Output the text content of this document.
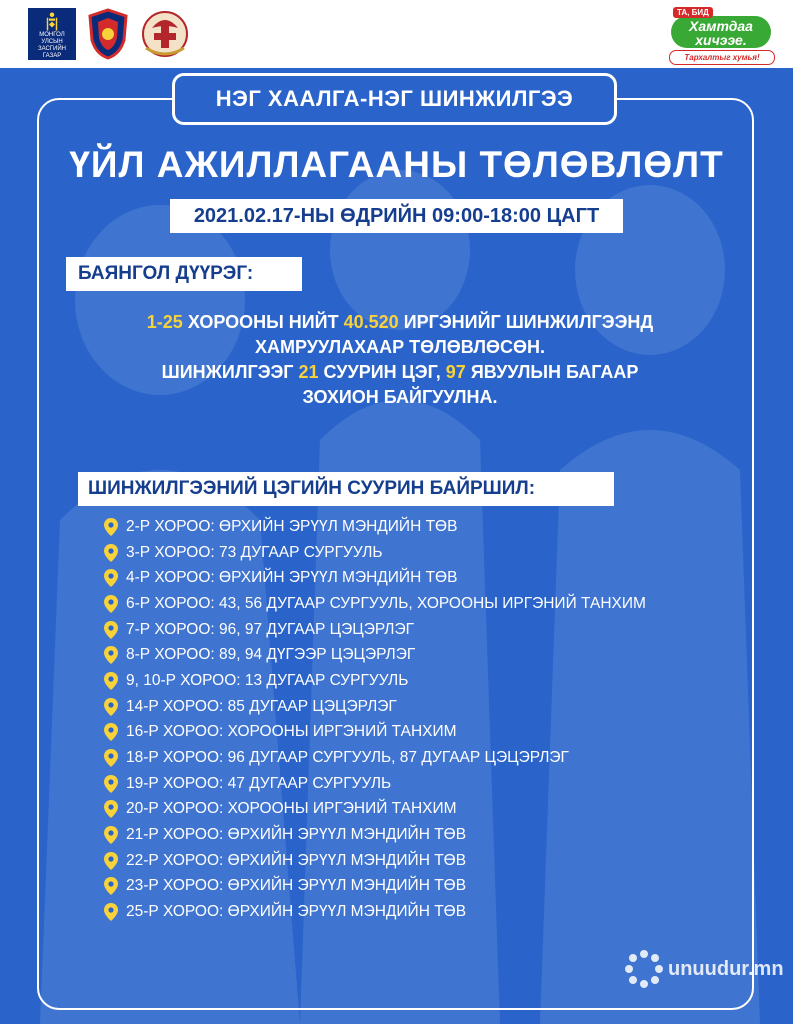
МОНГОЛ УЛСЫН ЗАСГИЙН ГАЗАР
Хамтдаа
хичээе.
ТА, БИД
Тархалтыг хумья!
НЭГ ХААЛГА-НЭГ ШИНЖИЛГЭЭ
ҮЙЛ АЖИЛЛАГААНЫ ТӨЛӨВЛӨЛТ
2021.02.17-НЫ ӨДРИЙН 09:00-18:00 ЦАГТ
БАЯНГОЛ ДҮҮРЭГ:
1-25 ХОРООНЫ НИЙТ 40.520 ИРГЭНИЙГ ШИНЖИЛГЭЭНД
ХАМРУУЛАХААР ТӨЛӨВЛӨСӨН.
ШИНЖИЛГЭЭГ 21 СУУРИН ЦЭГ, 97 ЯВУУЛЫН БАГААР
ЗОХИОН БАЙГУУЛНА.
ШИНЖИЛГЭЭНИЙ ЦЭГИЙН СУУРИН БАЙРШИЛ:
2-Р ХОРОО: ӨРХИЙН ЭРҮҮЛ МЭНДИЙН ТӨВ
3-Р ХОРОО: 73 ДУГААР СУРГУУЛЬ
4-Р ХОРОО: ӨРХИЙН ЭРҮҮЛ МЭНДИЙН ТӨВ
6-Р ХОРОО: 43, 56 ДУГААР СУРГУУЛЬ, ХОРООНЫ ИРГЭНИЙ ТАНХИМ
7-Р ХОРОО: 96, 97 ДУГААР ЦЭЦЭРЛЭГ
8-Р ХОРОО: 89, 94 ДҮГЭЭР ЦЭЦЭРЛЭГ
9, 10-Р ХОРОО: 13 ДУГААР СУРГУУЛЬ
14-Р ХОРОО: 85 ДУГААР ЦЭЦЭРЛЭГ
16-Р ХОРОО: ХОРООНЫ ИРГЭНИЙ ТАНХИМ
18-Р ХОРОО: 96 ДУГААР СУРГУУЛЬ, 87 ДУГААР ЦЭЦЭРЛЭГ
19-Р ХОРОО: 47 ДУГААР СУРГУУЛЬ
20-Р ХОРОО: ХОРООНЫ ИРГЭНИЙ ТАНХИМ
21-Р ХОРОО: ӨРХИЙН ЭРҮҮЛ МЭНДИЙН ТӨВ
22-Р ХОРОО: ӨРХИЙН ЭРҮҮЛ МЭНДИЙН ТӨВ
23-Р ХОРОО: ӨРХИЙН ЭРҮҮЛ МЭНДИЙН ТӨВ
25-Р ХОРОО: ӨРХИЙН ЭРҮҮЛ МЭНДИЙН ТӨВ
unuudur.mn
